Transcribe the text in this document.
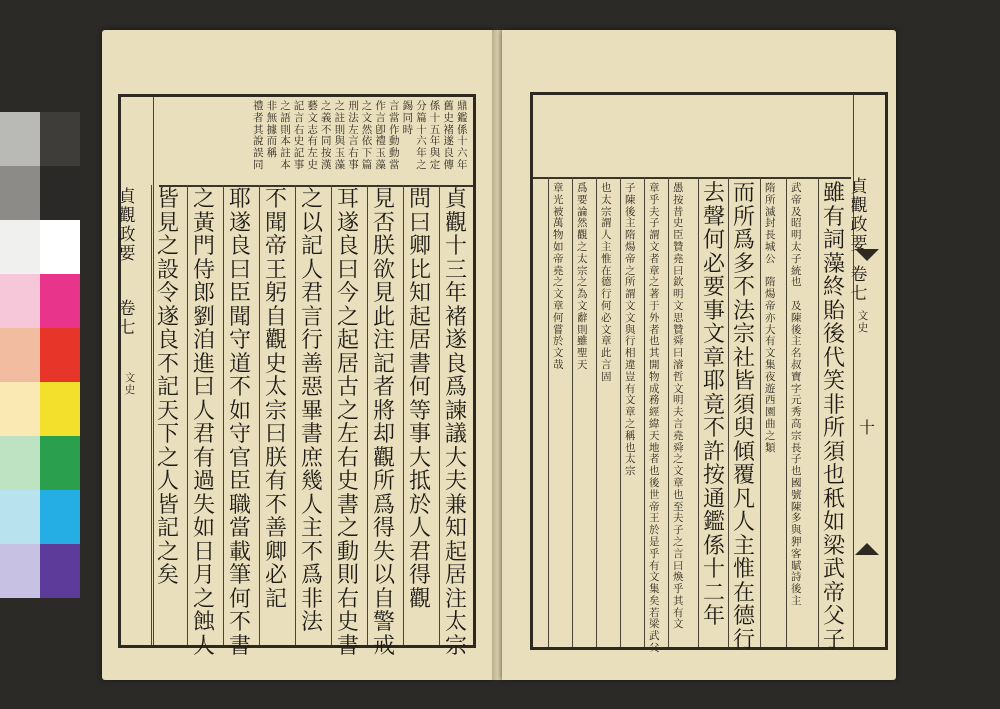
貞
觀
政
要
卷
七
文
史
鼎
鑑
係
十
六
年
舊
史
褚
遂
良
傳
係
十
五
年
與
定
分
篇
十
六
年
之
錫
同
時
言
當
作
動
動
當
作
言
卽
禮
玉
藻
之
文
然
依
下
篇
刑
法
左
言
右
事
之
註
則
與
玉
藻
之
義
不
同
按
漢
藝
文
志
有
左
史
記
言
右
史
記
事
之
語
則
本
註
本
非
無
據
而
稱
禮
者
其
說
誤
同
貞
觀
十
三
年
褚
遂
良
爲
諫
議
大
夫
兼
知
起
居
注
太
宗
問
曰
卿
比
知
起
居
書
何
等
事
大
抵
於
人
君
得
觀
見
否
朕
欲
見
此
注
記
者
將
却
觀
所
爲
得
失
以
自
警
戒
耳
遂
良
曰
今
之
起
居
古
之
左
右
史
書
之
動
則
右
史
書
之
以
記
人
君
言
行
善
惡
畢
書
庶
幾
人
主
不
爲
非
法
不
聞
帝
王
躬
自
觀
史
太
宗
曰
朕
有
不
善
卿
必
記
耶
遂
良
曰
臣
聞
守
道
不
如
守
官
臣
職
當
載
筆
何
不
書
之
黃
門
侍
郎
劉
洎
進
曰
人
君
有
過
失
如
日
月
之
蝕
人
皆
見
之
設
令
遂
良
不
記
天
下
之
人
皆
記
之
矣
貞
觀
政
要
卷
七
文
史
十
雖
有
詞
藻
終
貽
後
代
笑
非
所
須
也
秖
如
梁
武
帝
父
子
武
帝
及
昭
明
太
子
統
也
及
陳
後
主
名
叔
寶
字
元
秀
高
宗
長
子
也
國
號
陳
多
與
狎
客
賦
詩
後
主
隋
所
滅
封
長
城
公
隋
煬
帝
亦
大
有
文
集
夜
遊
西
園
曲
之
類
而
所
爲
多
不
法
宗
社
皆
須
臾
傾
覆
凡
人
主
惟
在
德
行
去
聲
何
必
要
事
文
章
耶
竟
不
許
按
通
鑑
係
十
二
年
愚
按
昔
史
臣
贊
堯
曰
欽
明
文
思
贊
舜
曰
濬
哲
文
明
夫
言
堯
舜
之
文
章
也
至
夫
子
之
言
曰
煥
乎
其
有
文
章
乎
夫
子
謂
文
者
章
之
著
于
外
者
也
其
開
物
成
務
經
緯
天
地
者
也
後
世
帝
王
於
是
乎
有
文
集
矣
若
梁
武
父
子
陳
後
主
隋
煬
帝
之
所
謂
文
文
與
行
相
違
豈
有
文
章
之
稱
也
太
宗
也
太
宗
謂
人
主
惟
在
德
行
何
必
文
章
此
言
固
爲
要
論
然
觀
之
太
宗
之
為
文
辭
則
雖
聖
天
章
光
被
萬
物
如
帝
堯
之
文
章
何
嘗
於
文
哉
